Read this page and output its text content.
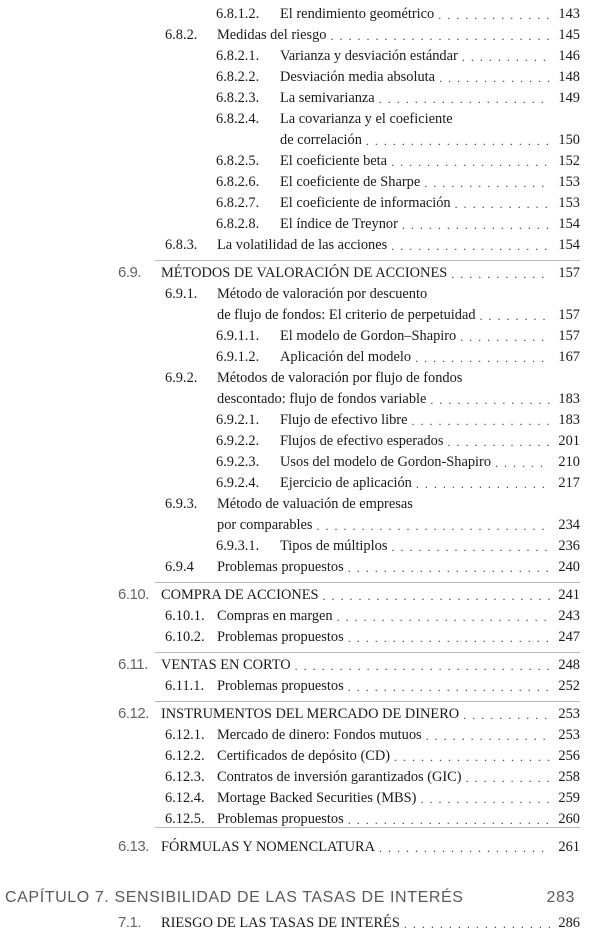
6.8.1.2.	El rendimiento geométrico . . .	143
6.8.2.	Medidas del riesgo . . .	145
6.8.2.1.	Varianza y desviación estándar . . .	146
6.8.2.2.	Desviación media absoluta . . .	148
6.8.2.3.	La semivarianza . . .	149
6.8.2.4.	La covarianza y el coeficiente
de correlación . . .	150
6.8.2.5.	El coeficiente beta . . .	152
6.8.2.6.	El coeficiente de Sharpe . . .	153
6.8.2.7.	El coeficiente de información . . .	153
6.8.2.8.	El índice de Treynor . . .	154
6.8.3.	La volatilidad de las acciones . . .	154
6.9.	MÉTODOS DE VALORACIÓN DE ACCIONES . . .	157
6.9.1.	Método de valoración por descuento
de flujo de fondos: El criterio de perpetuidad . . .	157
6.9.1.1.	El modelo de Gordon–Shapiro . . .	157
6.9.1.2.	Aplicación del modelo . . .	167
6.9.2.	Métodos de valoración por flujo de fondos
descontado: flujo de fondos variable . . .	183
6.9.2.1.	Flujo de efectivo libre . . .	183
6.9.2.2.	Flujos de efectivo esperados . . .	201
6.9.2.3.	Usos del modelo de Gordon-Shapiro . . .	210
6.9.2.4.	Ejercicio de aplicación . . .	217
6.9.3.	Método de valuación de empresas
por comparables . . .	234
6.9.3.1.	Tipos de múltiplos . . .	236
6.9.4	Problemas propuestos . . .	240
6.10. COMPRA DE ACCIONES . . .	241
6.10.1. Compras en margen . . .	243
6.10.2. Problemas propuestos . . .	247
6.11. VENTAS EN CORTO . . .	248
6.11.1. Problemas propuestos . . .	252
6.12. INSTRUMENTOS DEL MERCADO DE DINERO . . .	253
6.12.1. Mercado de dinero: Fondos mutuos . . .	253
6.12.2. Certificados de depósito (CD) . . .	256
6.12.3. Contratos de inversión garantizados (GIC) . . .	258
6.12.4. Mortage Backed Securities (MBS) . . .	259
6.12.5. Problemas propuestos . . .	260
6.13. FÓRMULAS Y NOMENCLATURA . . .	261
CAPÍTULO 7. SENSIBILIDAD DE LAS TASAS DE INTERÉS	283
7.1.	RIESGO DE LAS TASAS DE INTERÉS . . .	286
